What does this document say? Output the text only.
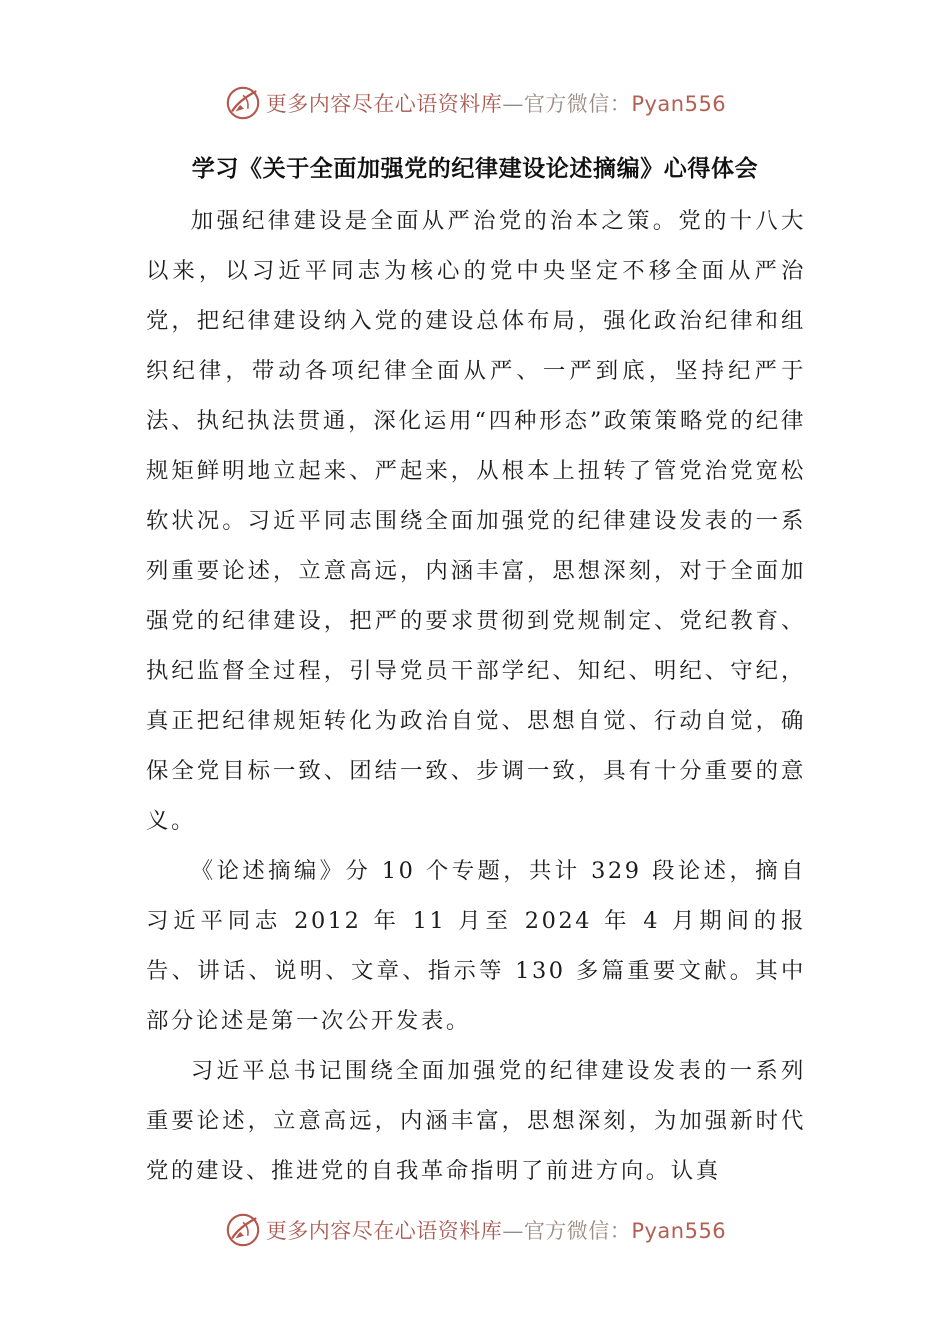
更多内容尽在心语资料库—官方微信：Pyan556
学习《关于全面加强党的纪律建设论述摘编》心得体会

加强纪律建设是全面从严治党的治本之策。党的十八大以来，以习近平同志为核心的党中央坚定不移全面从严治党，把纪律建设纳入党的建设总体布局，强化政治纪律和组织纪律，带动各项纪律全面从严、一严到底，坚持纪严于法、执纪执法贯通，深化运用“四种形态”政策策略党的纪律规矩鲜明地立起来、严起来，从根本上扭转了管党治党宽松软状况。习近平同志围绕全面加强党的纪律建设发表的一系列重要论述，立意高远，内涵丰富，思想深刻，对于全面加强党的纪律建设，把严的要求贯彻到党规制定、党纪教育、执纪监督全过程，引导党员干部学纪、知纪、明纪、守纪，真正把纪律规矩转化为政治自觉、思想自觉、行动自觉，确保全党目标一致、团结一致、步调一致，具有十分重要的意义。

《论述摘编》分 10 个专题，共计 329 段论述，摘自习近平同志 2012 年 11 月至 2024 年 4 月期间的报告、讲话、说明、文章、指示等 130 多篇重要文献。其中部分论述是第一次公开发表。

习近平总书记围绕全面加强党的纪律建设发表的一系列重要论述，立意高远，内涵丰富，思想深刻，为加强新时代党的建设、推进党的自我革命指明了前进方向。认真

更多内容尽在心语资料库—官方微信：Pyan556
